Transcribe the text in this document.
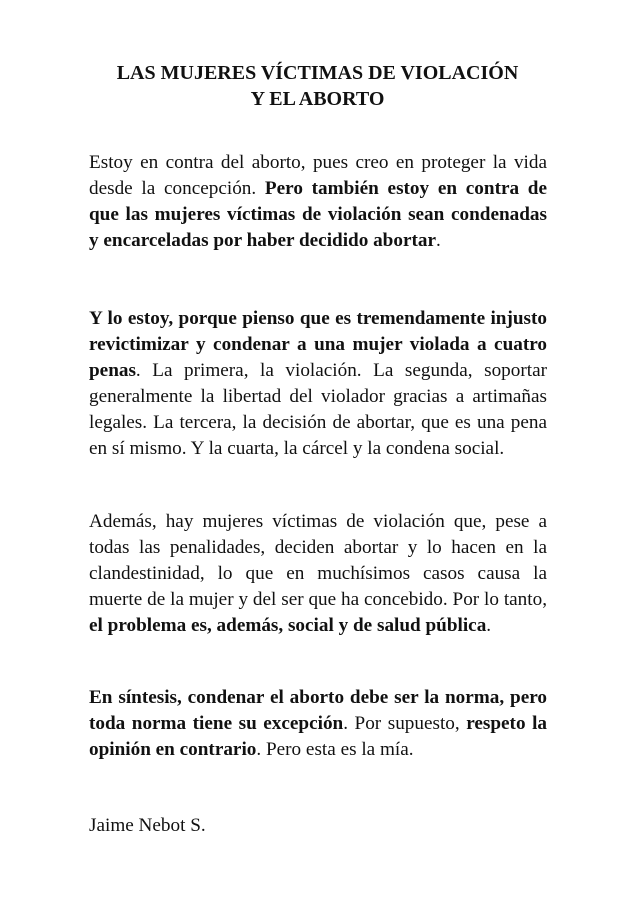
LAS MUJERES VÍCTIMAS DE VIOLACIÓN
Y EL ABORTO

Estoy en contra del aborto, pues creo en proteger la vida desde la concepción. Pero también estoy en contra de que las mujeres víctimas de violación sean condenadas y encarceladas por haber decidido abortar.

Y lo estoy, porque pienso que es tremendamente injusto revictimizar y condenar a una mujer violada a cuatro penas. La primera, la violación. La segunda, soportar generalmente la libertad del violador gracias a artimañas legales. La tercera, la decisión de abortar, que es una pena en sí mismo. Y la cuarta, la cárcel y la condena social.

Además, hay mujeres víctimas de violación que, pese a todas las penalidades, deciden abortar y lo hacen en la clandestinidad, lo que en muchísimos casos causa la muerte de la mujer y del ser que ha concebido. Por lo tanto, el problema es, además, social y de salud pública.

En síntesis, condenar el aborto debe ser la norma, pero toda norma tiene su excepción. Por supuesto, respeto la opinión en contrario. Pero esta es la mía.

Jaime Nebot S.
